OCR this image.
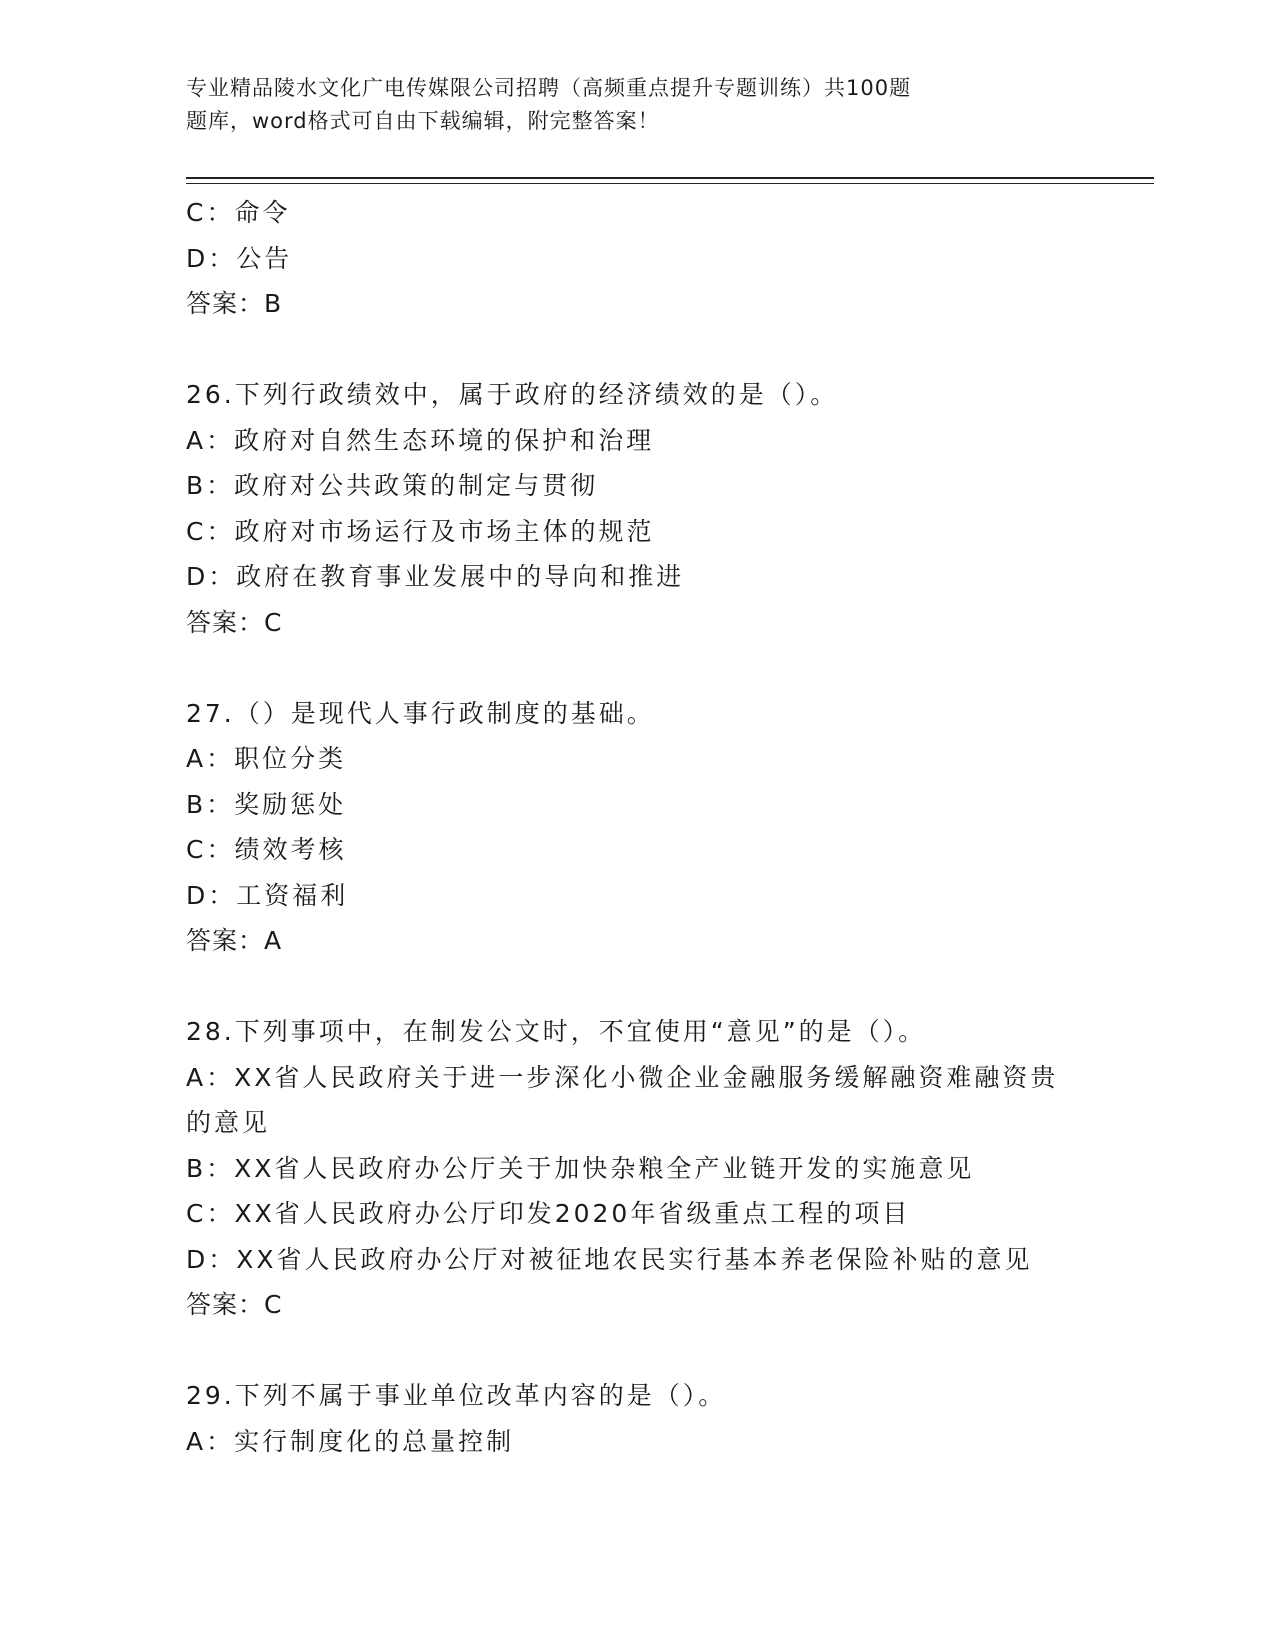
专业精品陵水文化广电传媒限公司招聘（高频重点提升专题训练）共100题
题库，word格式可自由下载编辑，附完整答案！
C：命令
D：公告
答案：B
26.下列行政绩效中，属于政府的经济绩效的是（）。
A：政府对自然生态环境的保护和治理
B：政府对公共政策的制定与贯彻
C：政府对市场运行及市场主体的规范
D：政府在教育事业发展中的导向和推进
答案：C
27.（）是现代人事行政制度的基础。
A：职位分类
B：奖励惩处
C：绩效考核
D：工资福利
答案：A
28.下列事项中，在制发公文时，不宜使用“意见”的是（）。
A：XX省人民政府关于进一步深化小微企业金融服务缓解融资难融资贵
的意见
B：XX省人民政府办公厅关于加快杂粮全产业链开发的实施意见
C：XX省人民政府办公厅印发2020年省级重点工程的项目
D：XX省人民政府办公厅对被征地农民实行基本养老保险补贴的意见
答案：C
29.下列不属于事业单位改革内容的是（）。
A：实行制度化的总量控制
